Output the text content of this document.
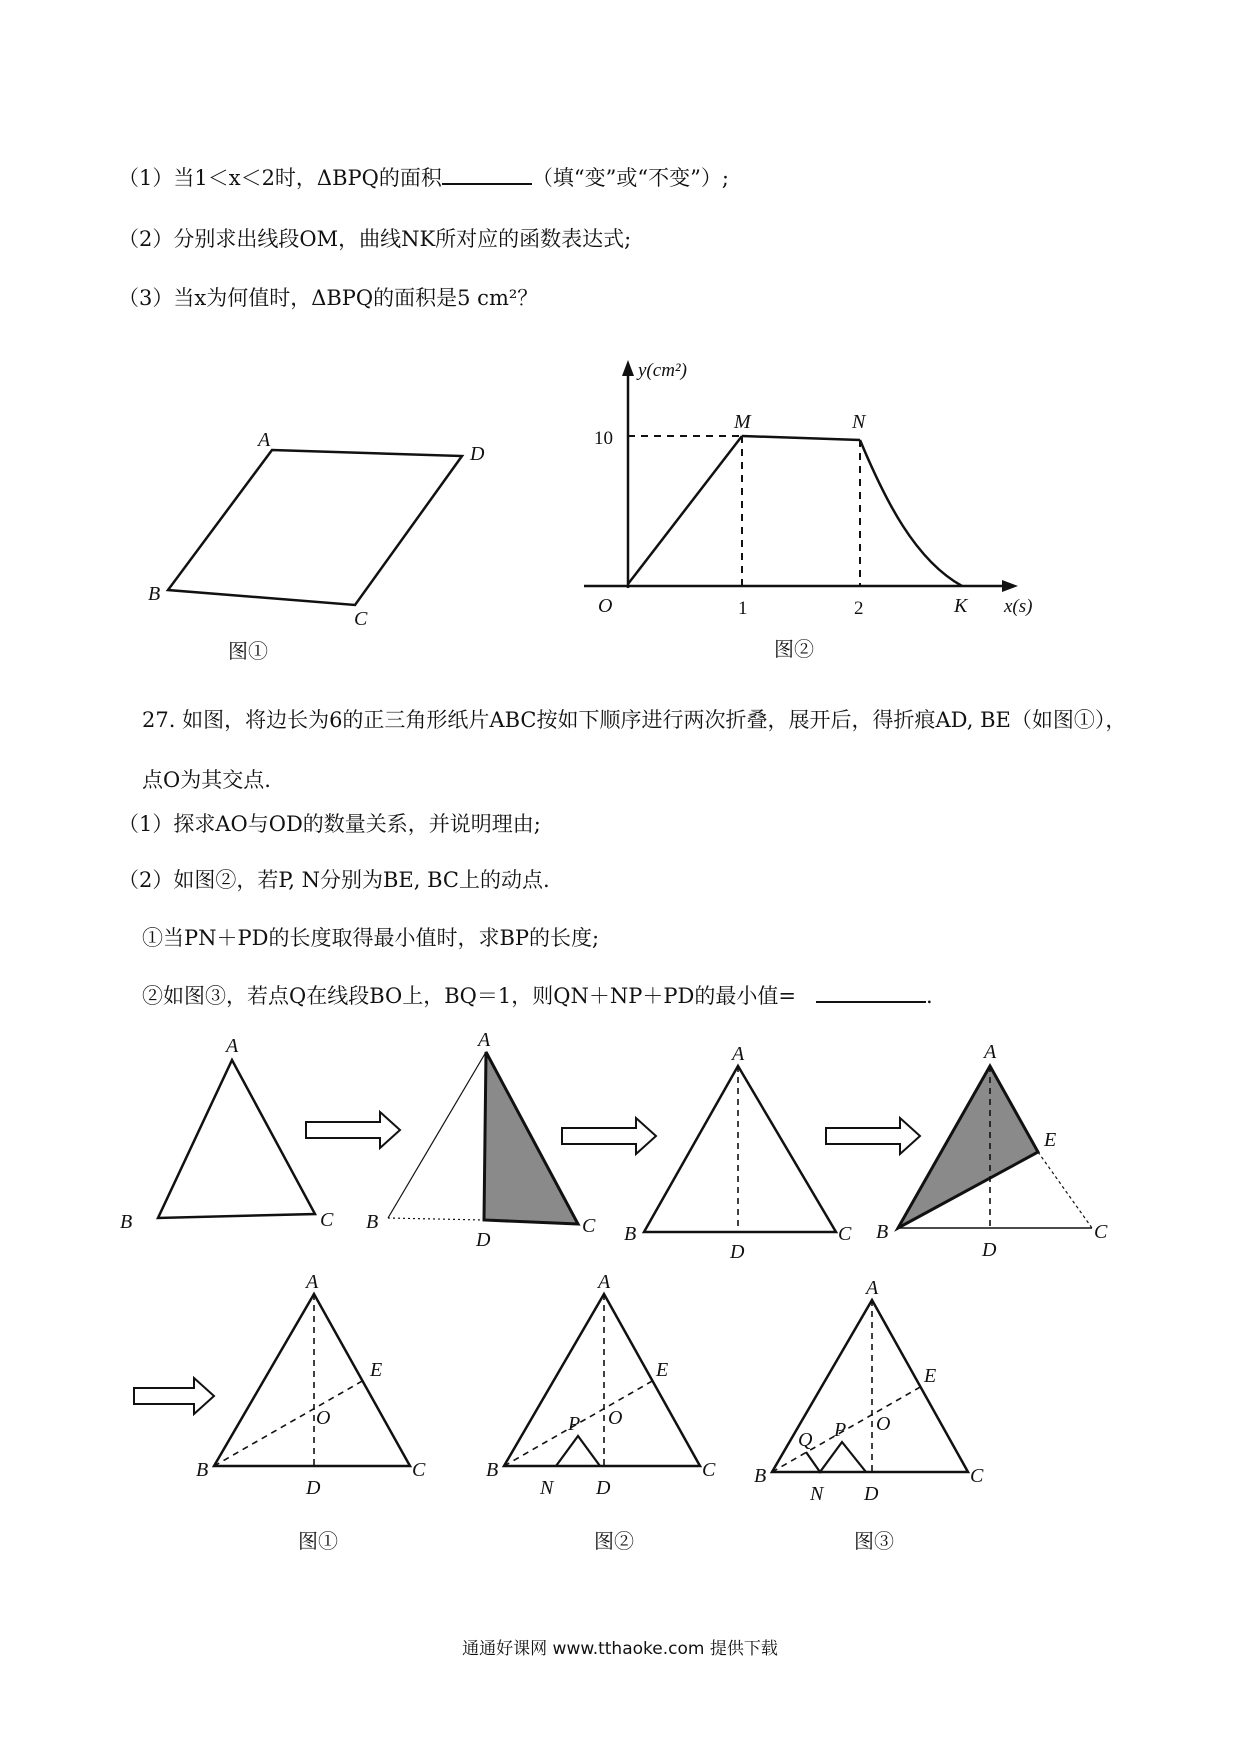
（1）当1＜x＜2时，ΔBPQ的面积	（填“变”或“不变”）;
（2）分别求出线段OM，曲线NK所对应的函数表达式;
（3）当x为何值时，ΔBPQ的面积是5 cm²？
27. 如图，将边长为6的正三角形纸片ABC按如下顺序进行两次折叠，展开后，得折痕AD, BE（如图①），
点O为其交点.
（1）探求AO与OD的数量关系，并说明理由;
（2）如图②，若P, N分别为BE, BC上的动点.
①当PN＋PD的长度取得最小值时，求BP的长度;
②如图③，若点Q在线段BO上，BQ＝1，则QN＋NP＋PD的最小值=	.
A
B
C
D
图①
y(cm²)
x(s)
10
1	2
M	N
O	K
图②
A
B	C
A
B	C
D
A
B	C
D
A
B	C
D
E
A
B	C
D
E
O
A
B	C
D
E
O
P
N
A
B	C
D
E
O
P
Q
N
图①	图②	图③
通通好课网 www.tthaoke.com 提供下载
